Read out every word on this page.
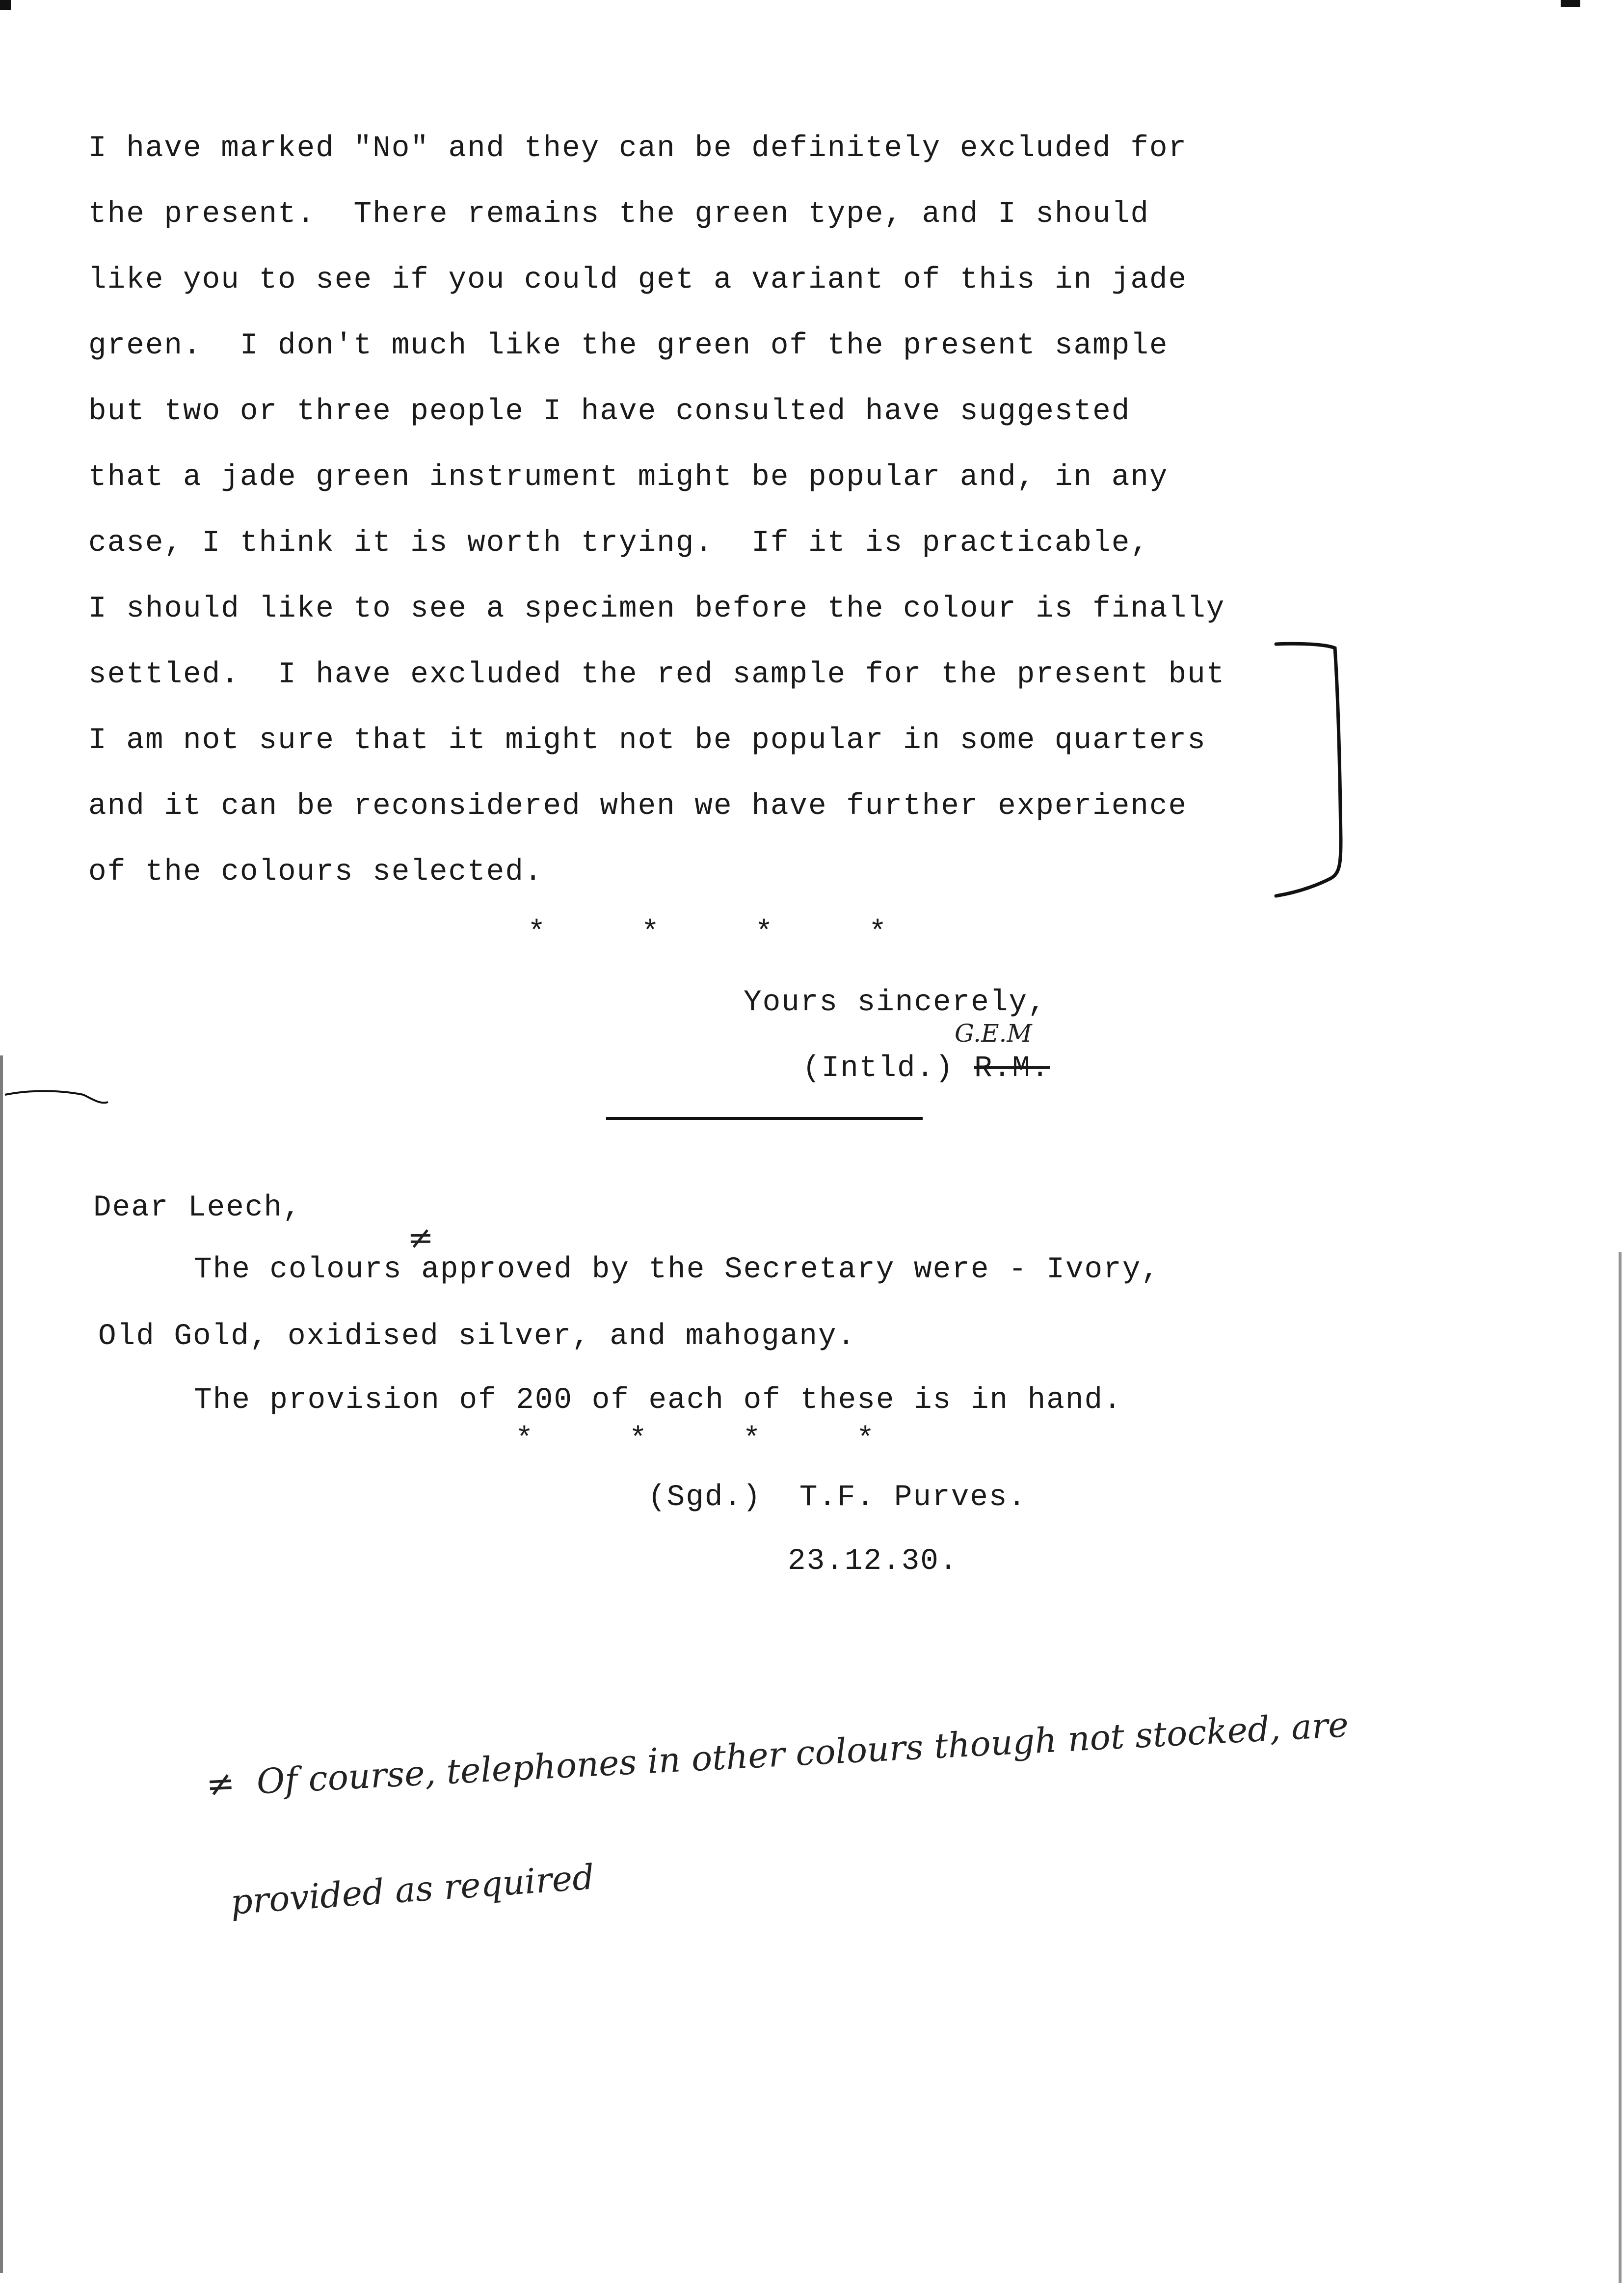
I have marked "No" and they can be definitely excluded for
the present.  There remains the green type, and I should
like you to see if you could get a variant of this in jade
green.  I don't much like the green of the present sample
but two or three people I have consulted have suggested
that a jade green instrument might be popular and, in any
case, I think it is worth trying.  If it is practicable,
I should like to see a specimen before the colour is finally
settled.  I have excluded the red sample for the present but
I am not sure that it might not be popular in some quarters
and it can be reconsidered when we have further experience
of the colours selected.
*     *     *     *
Yours sincerely,
(Intld.) R.M.
G.E.M
Dear Leech,
The colours approved by the Secretary were - Ivory,
≠
Old Gold, oxidised silver, and mahogany.
The provision of 200 of each of these is in hand.
*     *     *     *
(Sgd.)  T.F. Purves.
23.12.30.
≠  Of course, telephones in other colours though not stocked, are
provided as required
